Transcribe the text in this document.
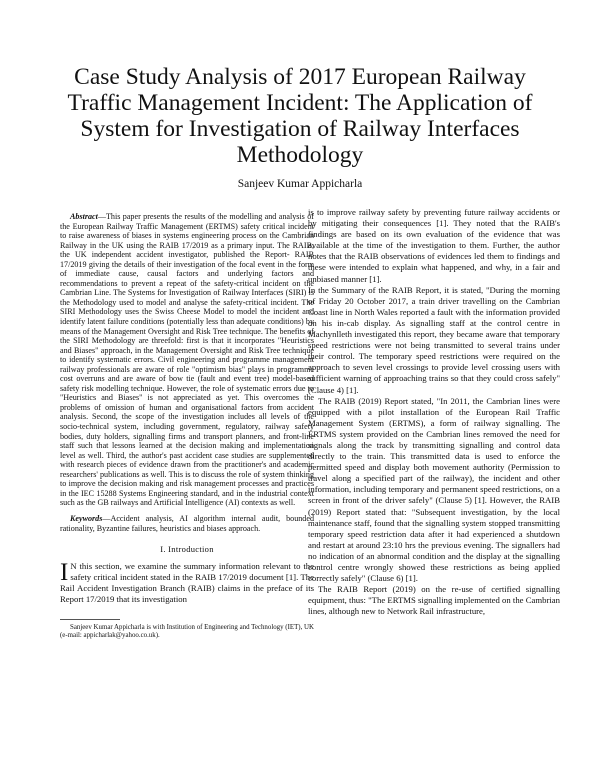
Case Study Analysis of 2017 European Railway Traffic Management Incident: The Application of System for Investigation of Railway Interfaces Methodology
Sanjeev Kumar Appicharla

Abstract—This paper presents the results of the modelling and analysis of the European Railway Traffic Management (ERTMS) safety critical incident to raise awareness of biases in systems engineering process on the Cambrian Railway in the UK using the RAIB 17/2019 as a primary input. The RAIB, the UK independent accident investigator, published the Report- RAIB 17/2019 giving the details of their investigation of the focal event in the form of immediate cause, causal factors and underlying factors and recommendations to prevent a repeat of the safety-critical incident on the Cambrian Line. The Systems for Investigation of Railway Interfaces (SIRI) is the Methodology used to model and analyse the safety-critical incident. The SIRI Methodology uses the Swiss Cheese Model to model the incident and identify latent failure conditions (potentially less than adequate conditions) by means of the Management Oversight and Risk Tree technique. The benefits of the SIRI Methodology are threefold: first is that it incorporates "Heuristics and Biases" approach, in the Management Oversight and Risk Tree technique to identify systematic errors. Civil engineering and programme management railway professionals are aware of role "optimism bias" plays in programme cost overruns and are aware of bow tie (fault and event tree) model-based safety risk modelling technique. However, the role of systematic errors due to "Heuristics and Biases" is not appreciated as yet. This overcomes the problems of omission of human and organisational factors from accident analysis. Second, the scope of the investigation includes all levels of the socio-technical system, including government, regulatory, railway safety bodies, duty holders, signalling firms and transport planners, and front-line staff such that lessons learned at the decision making and implementation level as well. Third, the author's past accident case studies are supplemented with research pieces of evidence drawn from the practitioner's and academic researchers' publications as well. This is to discuss the role of system thinking to improve the decision making and risk management processes and practices in the IEC 15288 Systems Engineering standard, and in the industrial context such as the GB railways and Artificial Intelligence (AI) contexts as well.

Keywords—Accident analysis, AI algorithm internal audit, bounded rationality, Byzantine failures, heuristics and biases approach.

I. Introduction

I N this section, we examine the summary information relevant to the safety critical incident stated in the RAIB 17/2019 document [1]. The Rail Accident Investigation Branch (RAIB) claims in the preface of its Report 17/2019 that its investigation

Sanjeev Kumar Appicharla is with Institution of Engineering and Technology (IET), UK (e-mail: appicharlak@yahoo.co.uk).

is to improve railway safety by preventing future railway accidents or by mitigating their consequences [1]. They noted that the RAIB's findings are based on its own evaluation of the evidence that was available at the time of the investigation to them. Further, the author notes that the RAIB observations of evidences led them to findings and these were intended to explain what happened, and why, in a fair and unbiased manner [1].

In the Summary of the RAIB Report, it is stated, "During the morning of Friday 20 October 2017, a train driver travelling on the Cambrian Coast line in North Wales reported a fault with the information provided on his in-cab display. As signalling staff at the control centre in Machynlleth investigated this report, they became aware that temporary speed restrictions were not being transmitted to several trains under their control. The temporary speed restrictions were required on the approach to seven level crossings to provide level crossing users with sufficient warning of approaching trains so that they could cross safely" (Clause 4) [1].

The RAIB (2019) Report stated, "In 2011, the Cambrian lines were equipped with a pilot installation of the European Rail Traffic Management System (ERTMS), a form of railway signalling. The ERTMS system provided on the Cambrian lines removed the need for signals along the track by transmitting signalling and control data directly to the train. This transmitted data is used to enforce the permitted speed and display both movement authority (Permission to travel along a specified part of the railway), the incident and other information, including temporary and permanent speed restrictions, on a screen in front of the driver safely" (Clause 5) [1]. However, the RAIB (2019) Report stated that: "Subsequent investigation, by the local maintenance staff, found that the signalling system stopped transmitting temporary speed restriction data after it had experienced a shutdown and restart at around 23:10 hrs the previous evening. The signallers had no indication of an abnormal condition and the display at the signalling control centre wrongly showed these restrictions as being applied correctly safely" (Clause 6) [1].

The RAIB Report (2019) on the re-use of certified signalling equipment, thus: "The ERTMS signalling implemented on the Cambrian lines, although new to Network Rail infrastructure,
